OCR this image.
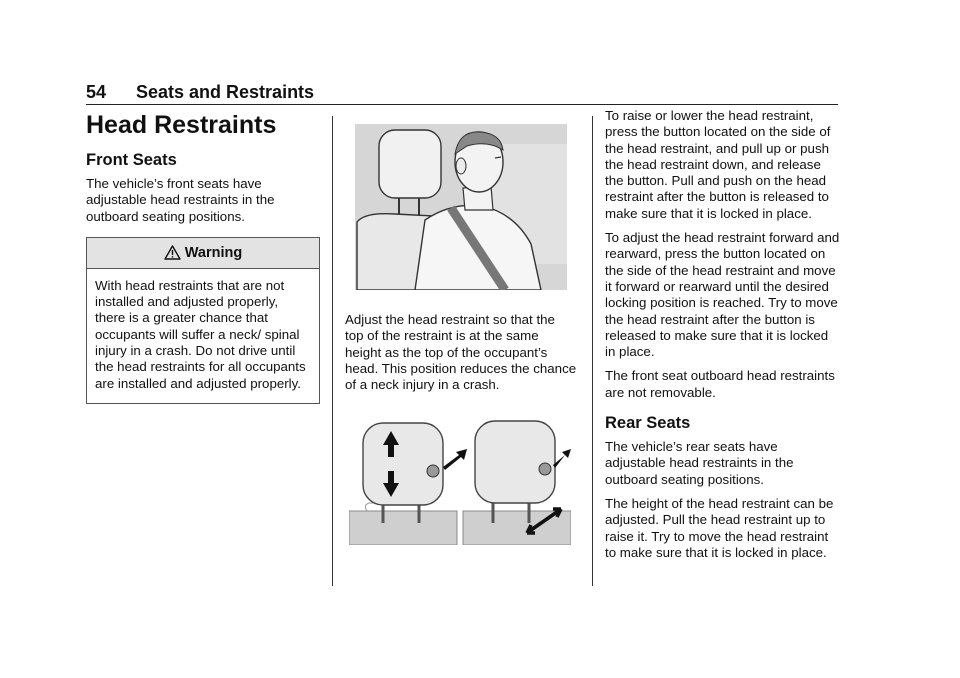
54 Seats and Restraints
Head Restraints
Front Seats

The vehicle’s front seats have adjustable head restraints in the outboard seating positions.

Warning

With head restraints that are not installed and adjusted properly, there is a greater chance that occupants will suffer a neck/ spinal injury in a crash. Do not drive until the head restraints for all occupants are installed and adjusted properly.

Adjust the head restraint so that the top of the restraint is at the same height as the top of the occupant’s head. This position reduces the chance of a neck injury in a crash.

To raise or lower the head restraint, press the button located on the side of the head restraint, and pull up or push the head restraint down, and release the button. Pull and push on the head restraint after the button is released to make sure that it is locked in place.

To adjust the head restraint forward and rearward, press the button located on the side of the head restraint and move it forward or rearward until the desired locking position is reached. Try to move the head restraint after the button is released to make sure that it is locked in place.

The front seat outboard head restraints are not removable.

Rear Seats

The vehicle’s rear seats have adjustable head restraints in the outboard seating positions.

The height of the head restraint can be adjusted. Pull the head restraint up to raise it. Try to move the head restraint to make sure that it is locked in place.
